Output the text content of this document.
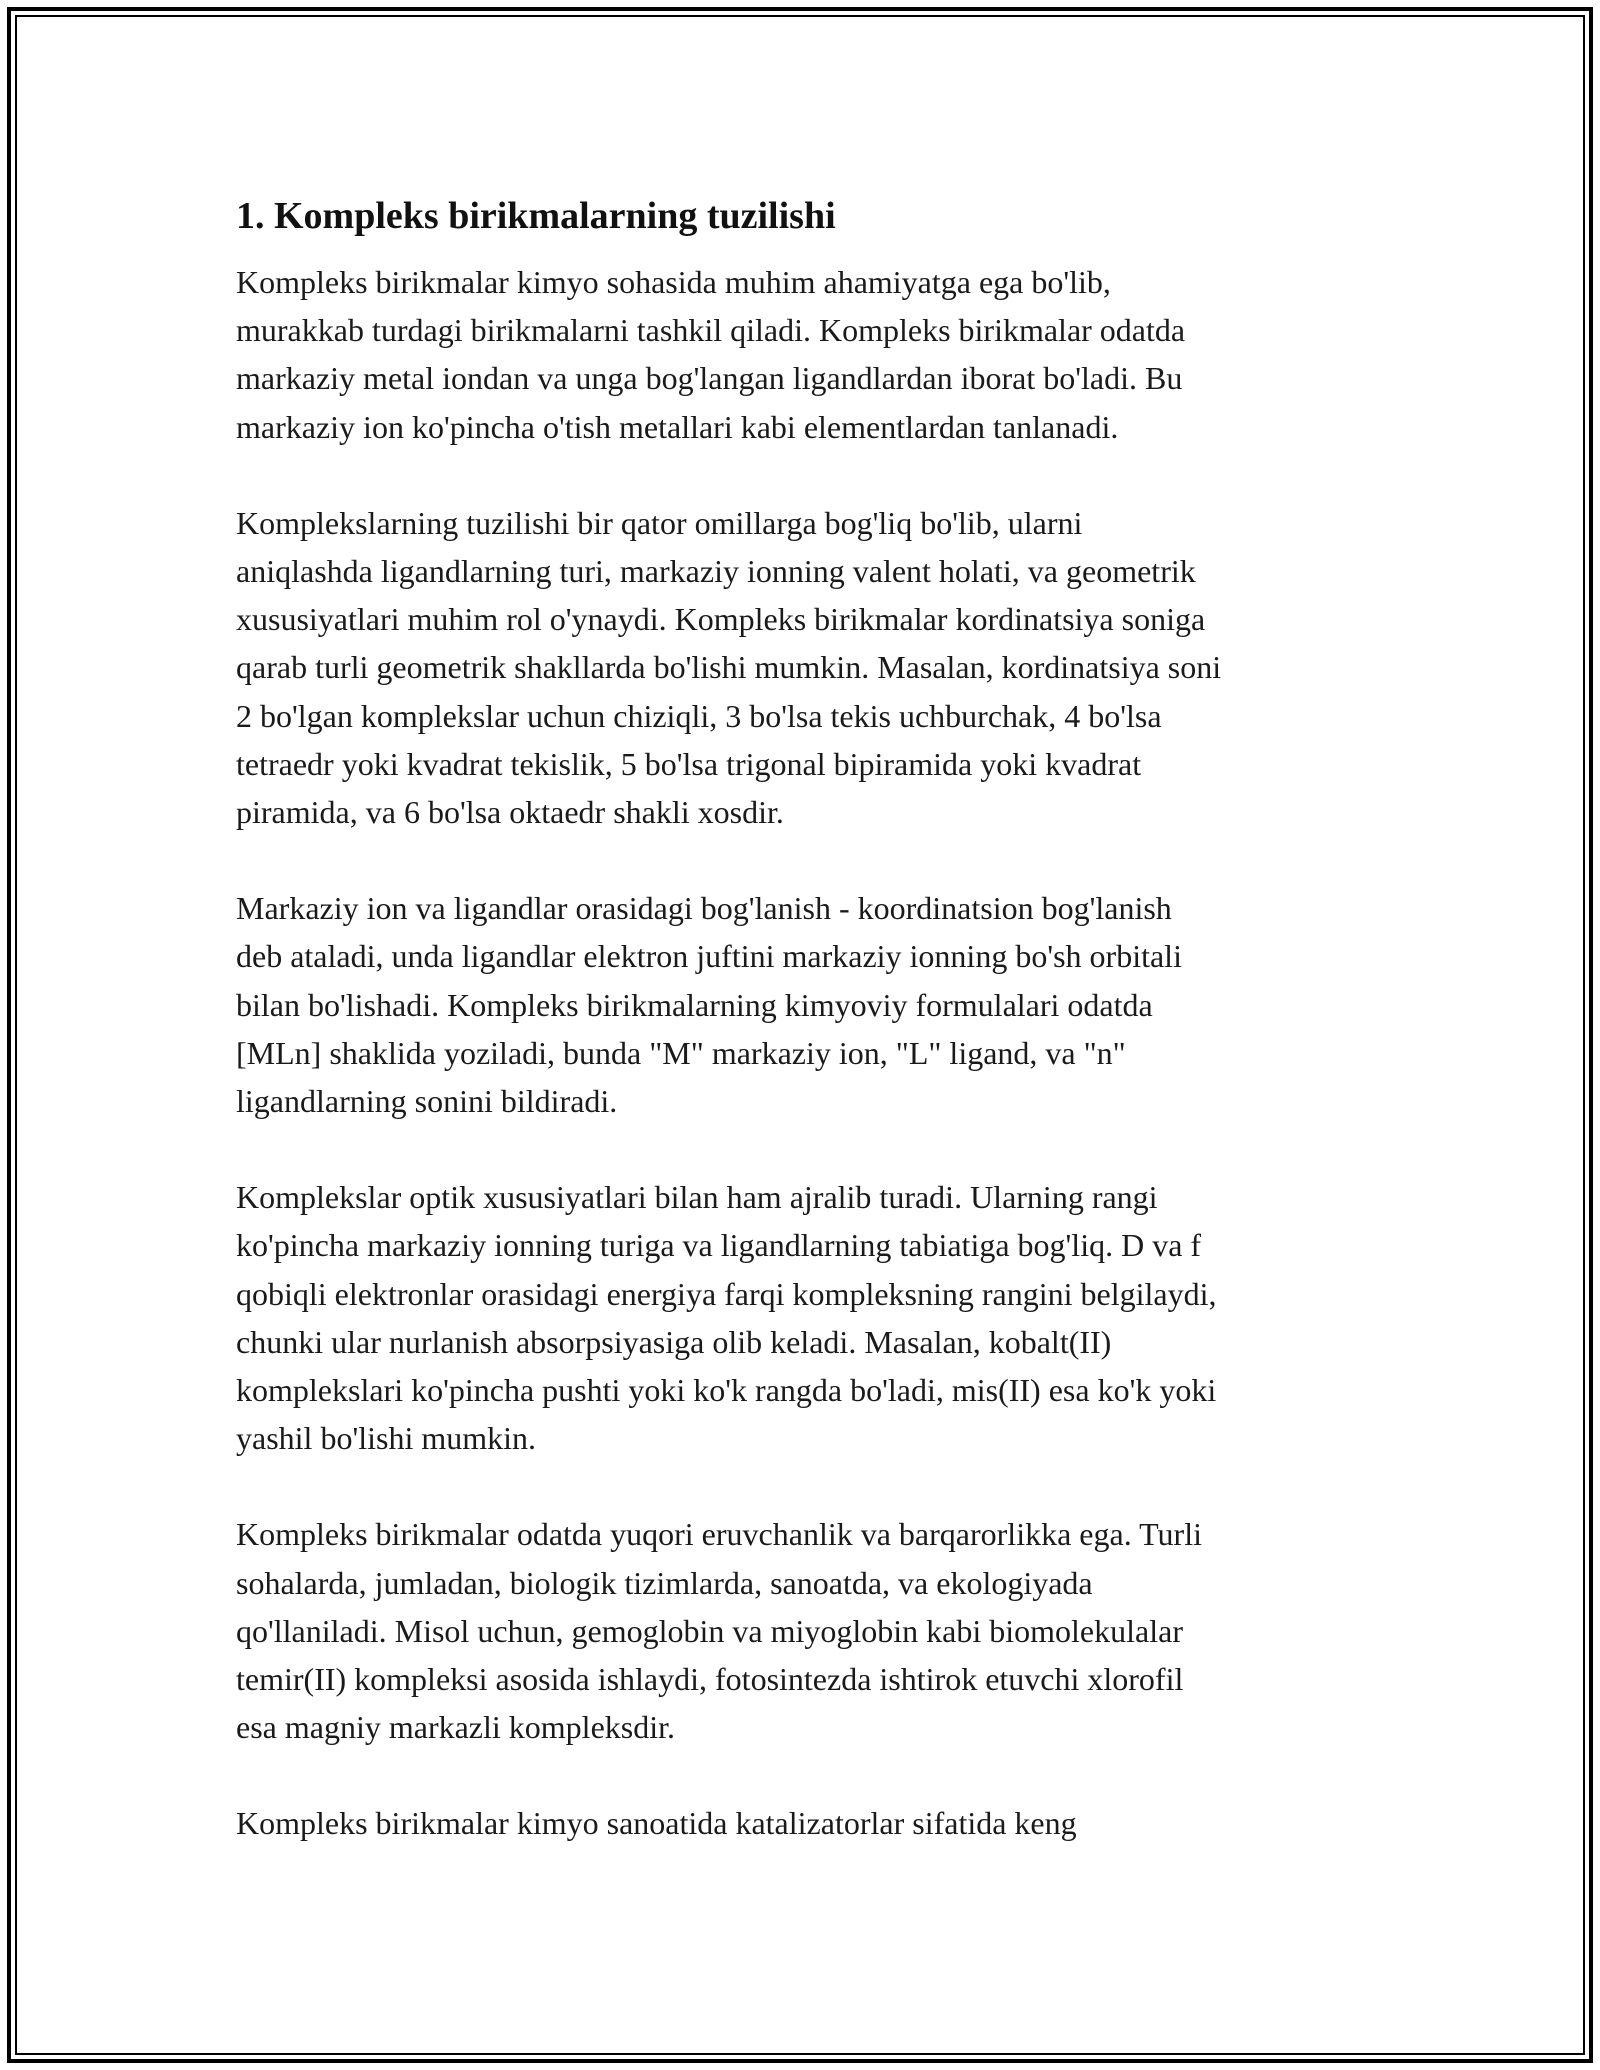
1. Kompleks birikmalarning tuzilishi
Kompleks birikmalar kimyo sohasida muhim ahamiyatga ega bo'lib,
murakkab turdagi birikmalarni tashkil qiladi. Kompleks birikmalar odatda
markaziy metal iondan va unga bog'langan ligandlardan iborat bo'ladi. Bu
markaziy ion ko'pincha o'tish metallari kabi elementlardan tanlanadi.
Komplekslarning tuzilishi bir qator omillarga bog'liq bo'lib, ularni
aniqlashda ligandlarning turi, markaziy ionning valent holati, va geometrik
xususiyatlari muhim rol o'ynaydi. Kompleks birikmalar kordinatsiya soniga
qarab turli geometrik shakllarda bo'lishi mumkin. Masalan, kordinatsiya soni
2 bo'lgan komplekslar uchun chiziqli, 3 bo'lsa tekis uchburchak, 4 bo'lsa
tetraedr yoki kvadrat tekislik, 5 bo'lsa trigonal bipiramida yoki kvadrat
piramida, va 6 bo'lsa oktaedr shakli xosdir.
Markaziy ion va ligandlar orasidagi bog'lanish - koordinatsion bog'lanish
deb ataladi, unda ligandlar elektron juftini markaziy ionning bo'sh orbitali
bilan bo'lishadi. Kompleks birikmalarning kimyoviy formulalari odatda
[MLn] shaklida yoziladi, bunda "M" markaziy ion, "L" ligand, va "n"
ligandlarning sonini bildiradi.
Komplekslar optik xususiyatlari bilan ham ajralib turadi. Ularning rangi
ko'pincha markaziy ionning turiga va ligandlarning tabiatiga bog'liq. D va f
qobiqli elektronlar orasidagi energiya farqi kompleksning rangini belgilaydi,
chunki ular nurlanish absorpsiyasiga olib keladi. Masalan, kobalt(II)
komplekslari ko'pincha pushti yoki ko'k rangda bo'ladi, mis(II) esa ko'k yoki
yashil bo'lishi mumkin.
Kompleks birikmalar odatda yuqori eruvchanlik va barqarorlikka ega. Turli
sohalarda, jumladan, biologik tizimlarda, sanoatda, va ekologiyada
qo'llaniladi. Misol uchun, gemoglobin va miyoglobin kabi biomolekulalar
temir(II) kompleksi asosida ishlaydi, fotosintezda ishtirok etuvchi xlorofil
esa magniy markazli kompleksdir.
Kompleks birikmalar kimyo sanoatida katalizatorlar sifatida keng
